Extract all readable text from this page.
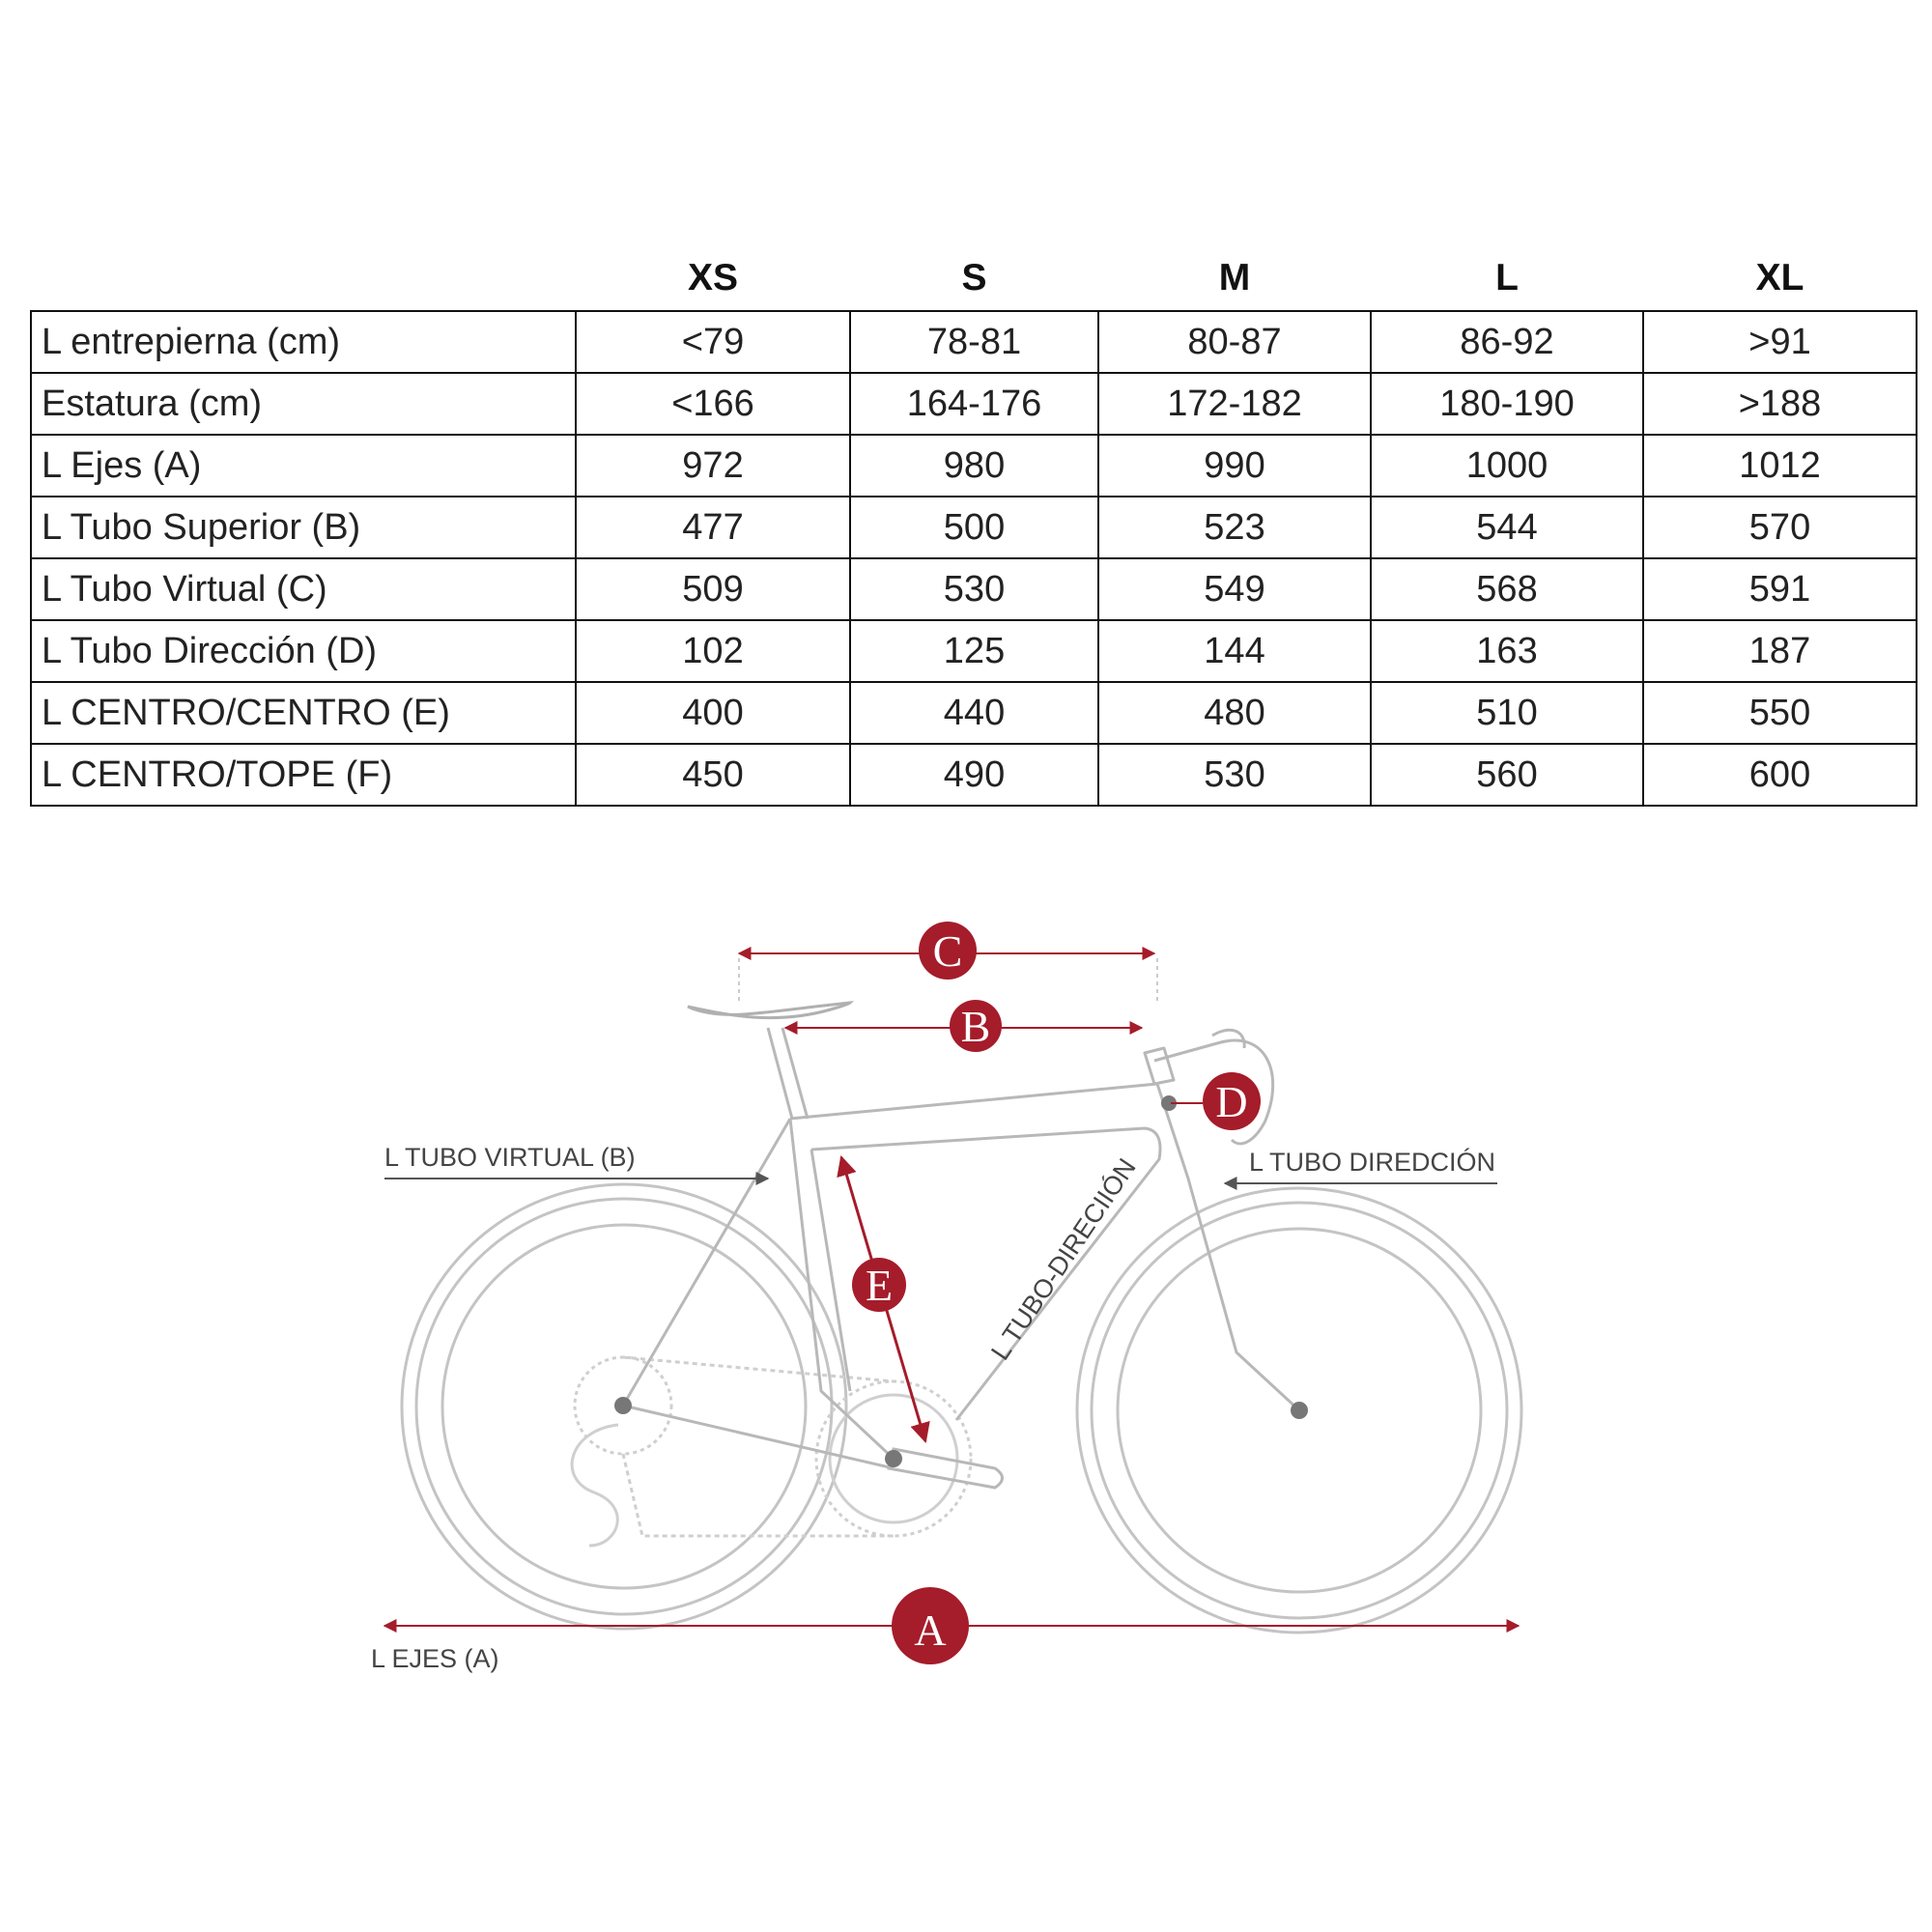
	XS	S	M	L	XL
L entrepierna (cm)	<79	78-81	80-87	86-92	>91
Estatura (cm)	<166	164-176	172-182	180-190	>188
L Ejes (A)	972	980	990	1000	1012
L Tubo Superior (B)	477	500	523	544	570
L Tubo Virtual (C)	509	530	549	568	591
L Tubo Dirección (D)	102	125	144	163	187
L CENTRO/CENTRO (E)	400	440	480	510	550
L CENTRO/TOPE (F)	450	490	530	560	600
C
B
D
E
A
L TUBO VIRTUAL (B)	L TUBO DIREDCIÓN
L TUBO-DIRECIIÓN
L EJES (A)
